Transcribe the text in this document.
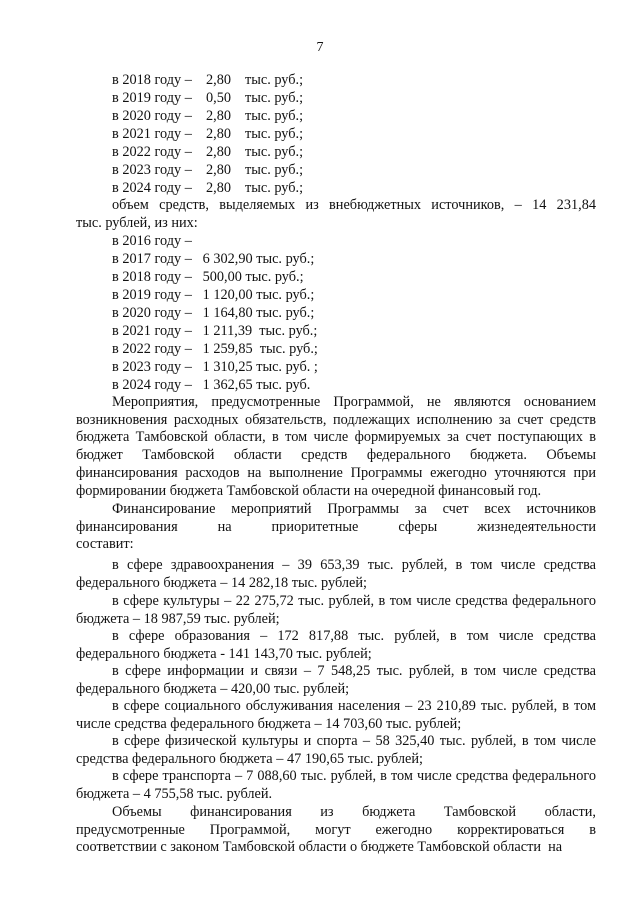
7
в 2018 году – 2,80 тыс. руб.;
в 2019 году – 0,50 тыс. руб.;
в 2020 году – 2,80 тыс. руб.;
в 2021 году – 2,80 тыс. руб.;
в 2022 году – 2,80 тыс. руб.;
в 2023 году – 2,80 тыс. руб.;
в 2024 году – 2,80 тыс. руб.;
объем средств, выделяемых из внебюджетных источников, – 14 231,84
тыс. рублей, из них:
в 2016 году –
в 2017 году –   6 302,90 тыс. руб.;
в 2018 году –   500,00 тыс. руб.;
в 2019 году –   1 120,00 тыс. руб.;
в 2020 году –   1 164,80 тыс. руб.;
в 2021 году –   1 211,39  тыс. руб.;
в 2022 году –   1 259,85  тыс. руб.;
в 2023 году –   1 310,25 тыс. руб. ;
в 2024 году –   1 362,65 тыс. руб.

Мероприятия, предусмотренные Программой, не являются основанием возникновения расходных обязательств, подлежащих исполнению за счет средств бюджета Тамбовской области, в том числе формируемых за счет поступающих в бюджет Тамбовской области средств федерального бюджета. Объемы финансирования расходов на выполнение Программы ежегодно уточняются при формировании бюджета Тамбовской области на очередной финансовый год.

Финансирование мероприятий Программы за счет всех источников

финансирования	на	приоритетные	сферы	жизнедеятельности
составит:

в сфере здравоохранения – 39 653,39 тыс. рублей, в том числе средства федерального бюджета – 14 282,18 тыс. рублей;

в сфере культуры – 22 275,72 тыс. рублей, в том числе средства федерального бюджета – 18 987,59 тыс. рублей;

в сфере образования – 172 817,88 тыс. рублей, в том числе средства федерального бюджета - 141 143,70 тыс. рублей;

в сфере информации и связи – 7 548,25 тыс. рублей, в том числе средства федерального бюджета – 420,00 тыс. рублей;

в сфере социального обслуживания населения – 23 210,89 тыс. рублей, в том числе средства федерального бюджета – 14 703,60 тыс. рублей;

в сфере физической культуры и спорта – 58 325,40 тыс. рублей, в том числе средства федерального бюджета – 47 190,65 тыс. рублей;

в сфере транспорта – 7 088,60 тыс. рублей, в том числе средства федерального бюджета – 4 755,58 тыс. рублей.

Объемы финансирования из бюджета Тамбовской области,
предусмотренные Программой, могут ежегодно корректироваться в
соответствии с законом Тамбовской области о бюджете Тамбовской области  на
